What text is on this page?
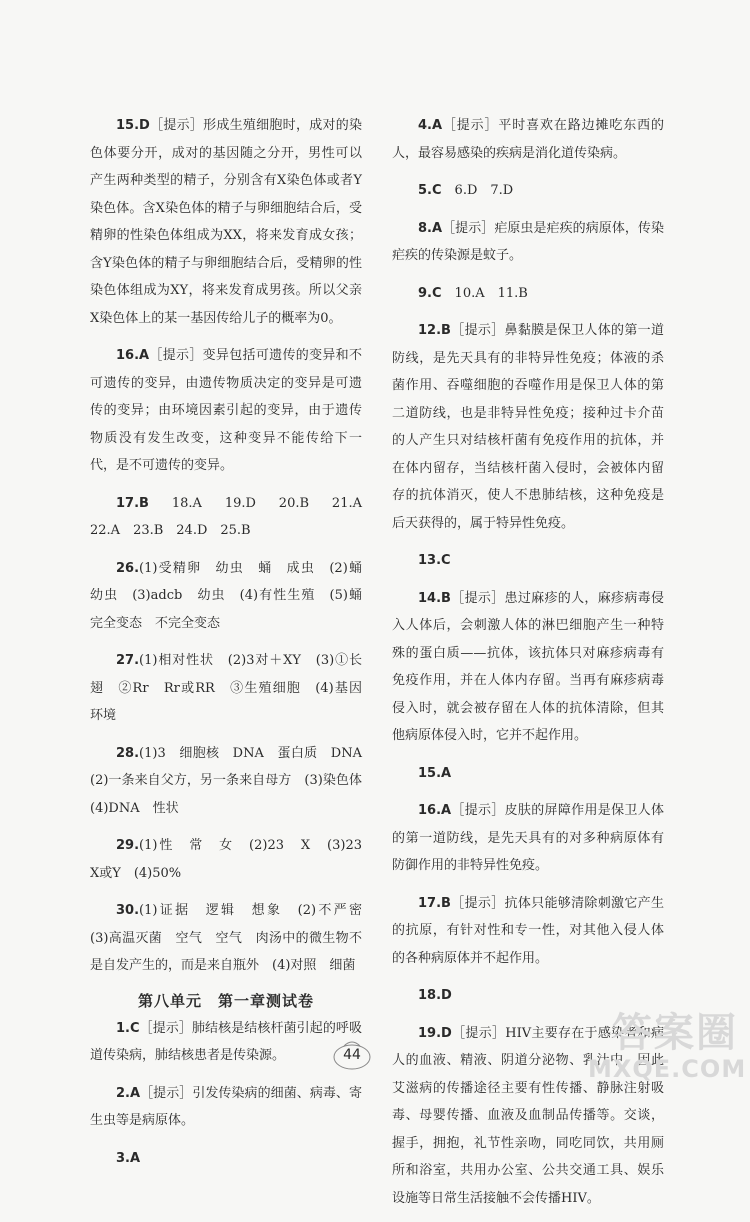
15.D［提示］形成生殖细胞时，成对的染色体要分开，成对的基因随之分开，男性可以产生两种类型的精子，分别含有X染色体或者Y染色体。含X染色体的精子与卵细胞结合后，受精卵的性染色体组成为XX，将来发育成女孩；含Y染色体的精子与卵细胞结合后，受精卵的性染色体组成为XY，将来发育成男孩。所以父亲X染色体上的某一基因传给儿子的概率为0。

16.A［提示］变异包括可遗传的变异和不可遗传的变异，由遗传物质决定的变异是可遗传的变异；由环境因素引起的变异，由于遗传物质没有发生改变，这种变异不能传给下一代，是不可遗传的变异。

17.B　 18.A　19.D　20.B　21.A　22.A　23.B　24.D　25.B

26.(1)受精卵　幼虫　蛹　成虫　(2)蛹　幼虫　(3)adcb　幼虫　(4)有性生殖　(5)蛹　完全变态　不完全变态

27.(1)相对性状　(2)3对＋XY　(3)①长翅　②Rr　Rr或RR　③生殖细胞　(4)基因　环境

28.(1)3　细胞核　DNA　蛋白质　DNA　(2)一条来自父方，另一条来自母方　(3)染色体　(4)DNA　性状

29.(1)性　常　女　(2)23　X　(3)23　X或Y　(4)50%

30.(1)证据　逻辑　想象　(2)不严密　(3)高温灭菌　空气　空气　肉汤中的微生物不是自发产生的，而是来自瓶外　(4)对照　细菌

第八单元　第一章测试卷

1.C［提示］肺结核是结核杆菌引起的呼吸道传染病，肺结核患者是传染源。

2.A［提示］引发传染病的细菌、病毒、寄生虫等是病原体。

3.A

4.A［提示］平时喜欢在路边摊吃东西的人，最容易感染的疾病是消化道传染病。

5.C　 6.D　7.D

8.A［提示］疟原虫是疟疾的病原体，传染疟疾的传染源是蚊子。

9.C　 10.A　11.B

12.B［提示］鼻黏膜是保卫人体的第一道防线，是先天具有的非特异性免疫；体液的杀菌作用、吞噬细胞的吞噬作用是保卫人体的第二道防线，也是非特异性免疫；接种过卡介苗的人产生只对结核杆菌有免疫作用的抗体，并在体内留存，当结核杆菌入侵时，会被体内留存的抗体消灭，使人不患肺结核，这种免疫是后天获得的，属于特异性免疫。

13.C

14.B［提示］患过麻疹的人，麻疹病毒侵入人体后，会刺激人体的淋巴细胞产生一种特殊的蛋白质——抗体，该抗体只对麻疹病毒有免疫作用，并在人体内存留。当再有麻疹病毒侵入时，就会被存留在人体的抗体清除，但其他病原体侵入时，它并不起作用。

15.A

16.A［提示］皮肤的屏障作用是保卫人体的第一道防线，是先天具有的对多种病原体有防御作用的非特异性免疫。

17.B［提示］抗体只能够清除刺激它产生的抗原，有针对性和专一性，对其他入侵人体的各种病原体并不起作用。

18.D

19.D［提示］HIV主要存在于感染者和病人的血液、精液、阴道分泌物、乳汁中，因此艾滋病的传播途径主要有性传播、静脉注射吸毒、母婴传播、血液及血制品传播等。交谈，握手，拥抱，礼节性亲吻，同吃同饮，共用厕所和浴室，共用办公室、公共交通工具、娱乐设施等日常生活接触不会传播HIV。

44	答案圈
MXQE.COM
